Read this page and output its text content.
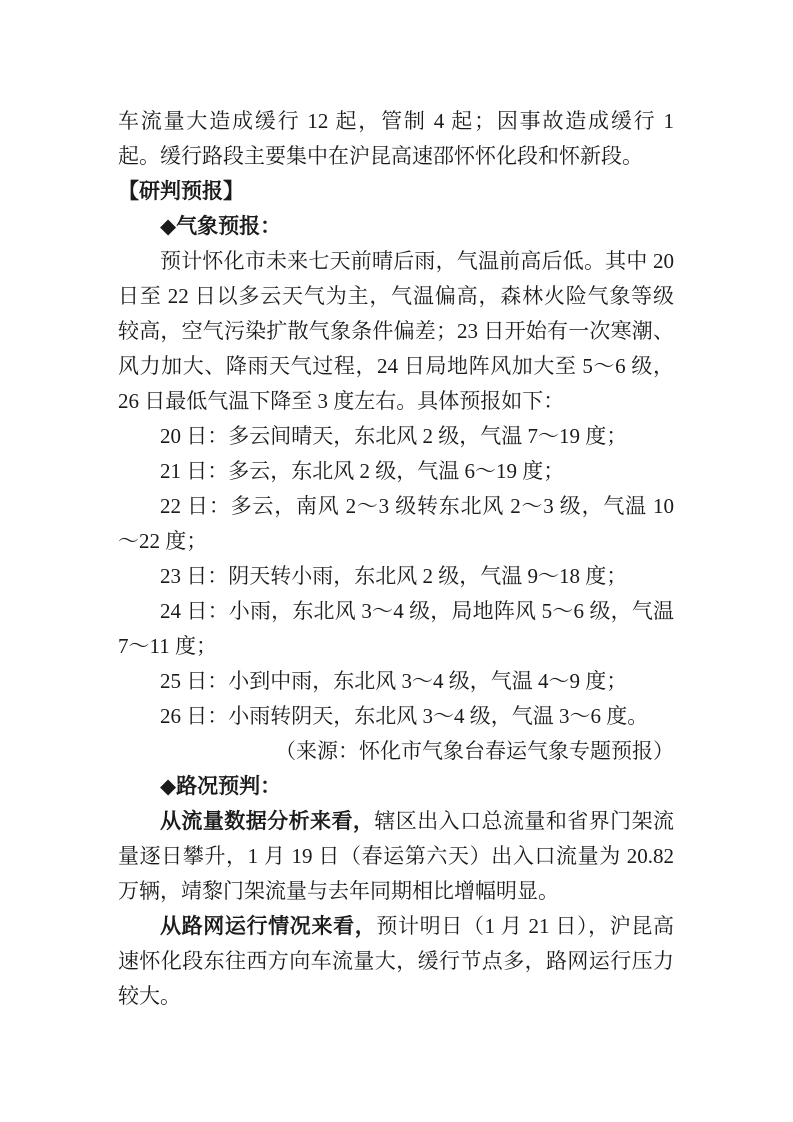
车流量大造成缓行 12 起，管制 4 起；因事故造成缓行 1 起。缓行路段主要集中在沪昆高速邵怀怀化段和怀新段。

【研判预报】

◆气象预报：

预计怀化市未来七天前晴后雨，气温前高后低。其中 20 日至 22 日以多云天气为主，气温偏高，森林火险气象等级较高，空气污染扩散气象条件偏差；23 日开始有一次寒潮、风力加大、降雨天气过程，24 日局地阵风加大至 5～6 级，26 日最低气温下降至 3 度左右。具体预报如下：

20 日：多云间晴天，东北风 2 级，气温 7～19 度；

21 日：多云，东北风 2 级，气温 6～19 度；

22 日：多云，南风 2～3 级转东北风 2～3 级，气温 10～22 度；

23 日：阴天转小雨，东北风 2 级，气温 9～18 度；

24 日：小雨，东北风 3～4 级，局地阵风 5～6 级，气温 7～11 度；

25 日：小到中雨，东北风 3～4 级，气温 4～9 度；

26 日：小雨转阴天，东北风 3～4 级，气温 3～6 度。

（来源：怀化市气象台春运气象专题预报）

◆路况预判：

从流量数据分析来看，辖区出入口总流量和省界门架流量逐日攀升，1 月 19 日（春运第六天）出入口流量为 20.82 万辆，靖黎门架流量与去年同期相比增幅明显。

从路网运行情况来看，预计明日（1 月 21 日），沪昆高速怀化段东往西方向车流量大，缓行节点多，路网运行压力较大。
